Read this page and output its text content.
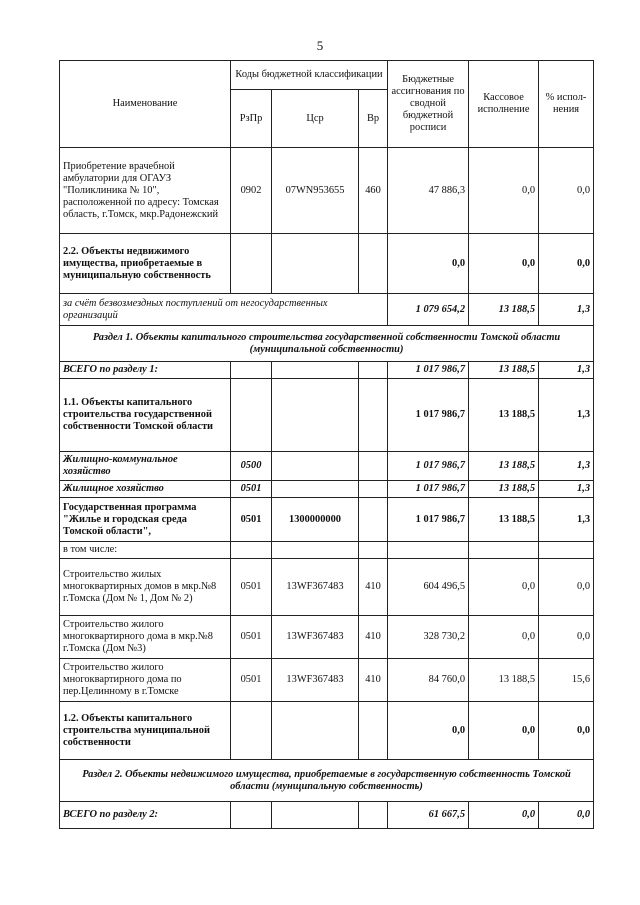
5
Наименование	Коды бюджетной классификации			Бюджетные ассигнования по сводной бюджетной росписи	Кассовое исполнение	% испол-нения
	РзПр	Цср	Вр			
Приобретение врачебной амбулатории для ОГАУЗ "Поликлиника № 10", расположенной по адресу: Томская область, г.Томск, мкр.Радонежский	0902	07WN953655	460	47 886,3	0,0	0,0
2.2. Объекты недвижимого имущества, приобретаемые в муниципальную собственность				0,0	0,0	0,0
за счёт безвозмездных поступлений от негосударственных организаций				1 079 654,2	13 188,5	1,3
Раздел 1. Объекты капитального строительства государственной собственности Томской области (муниципальной собственности)						
ВСЕГО по разделу 1:				1 017 986,7	13 188,5	1,3
1.1. Объекты капитального строительства государственной собственности Томской области				1 017 986,7	13 188,5	1,3
Жилищно-коммунальное хозяйство	0500			1 017 986,7	13 188,5	1,3
Жилищное хозяйство	0501			1 017 986,7	13 188,5	1,3
Государственная программа "Жилье и городская среда Томской области",	0501	1300000000		1 017 986,7	13 188,5	1,3
в том числе:						
Строительство жилых многоквартирных домов в мкр.№8 г.Томска (Дом № 1, Дом № 2)	0501	13WF367483	410	604 496,5	0,0	0,0
Строительство жилого многоквартирного дома в мкр.№8 г.Томска (Дом №3)	0501	13WF367483	410	328 730,2	0,0	0,0
Строительство жилого многоквартирного дома по пер.Целинному в г.Томске	0501	13WF367483	410	84 760,0	13 188,5	15,6
1.2. Объекты капитального строительства муниципальной собственности				0,0	0,0	0,0
Раздел 2. Объекты недвижимого имущества, приобретаемые в государственную собственность Томской области (мунщипальную собственность)						
ВСЕГО по разделу 2:				61 667,5	0,0	0,0
